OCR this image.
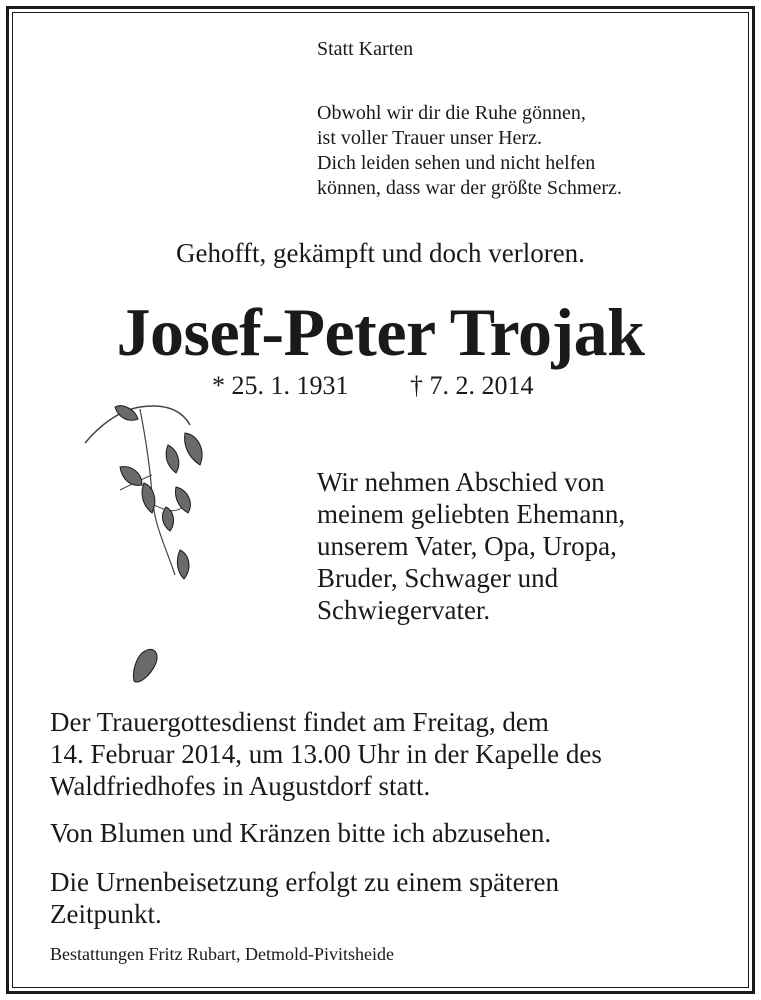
Statt Karten
Obwohl wir dir die Ruhe gönnen,
ist voller Trauer unser Herz.
Dich leiden sehen und nicht helfen
können, dass war der größte Schmerz.
Gehofft, gekämpft und doch verloren.
Josef-Peter Trojak
* 25. 1. 1931 † 7. 2. 2014
Wir nehmen Abschied von
meinem geliebten Ehemann,
unserem Vater, Opa, Uropa,
Bruder, Schwager und
Schwiegervater.
Der Trauergottesdienst findet am Freitag, dem
14. Februar 2014, um 13.00 Uhr in der Kapelle des
Waldfriedhofes in Augustdorf statt.
Von Blumen und Kränzen bitte ich abzusehen.
Die Urnenbeisetzung erfolgt zu einem späteren
Zeitpunkt.
Bestattungen Fritz Rubart, Detmold-Pivitsheide
